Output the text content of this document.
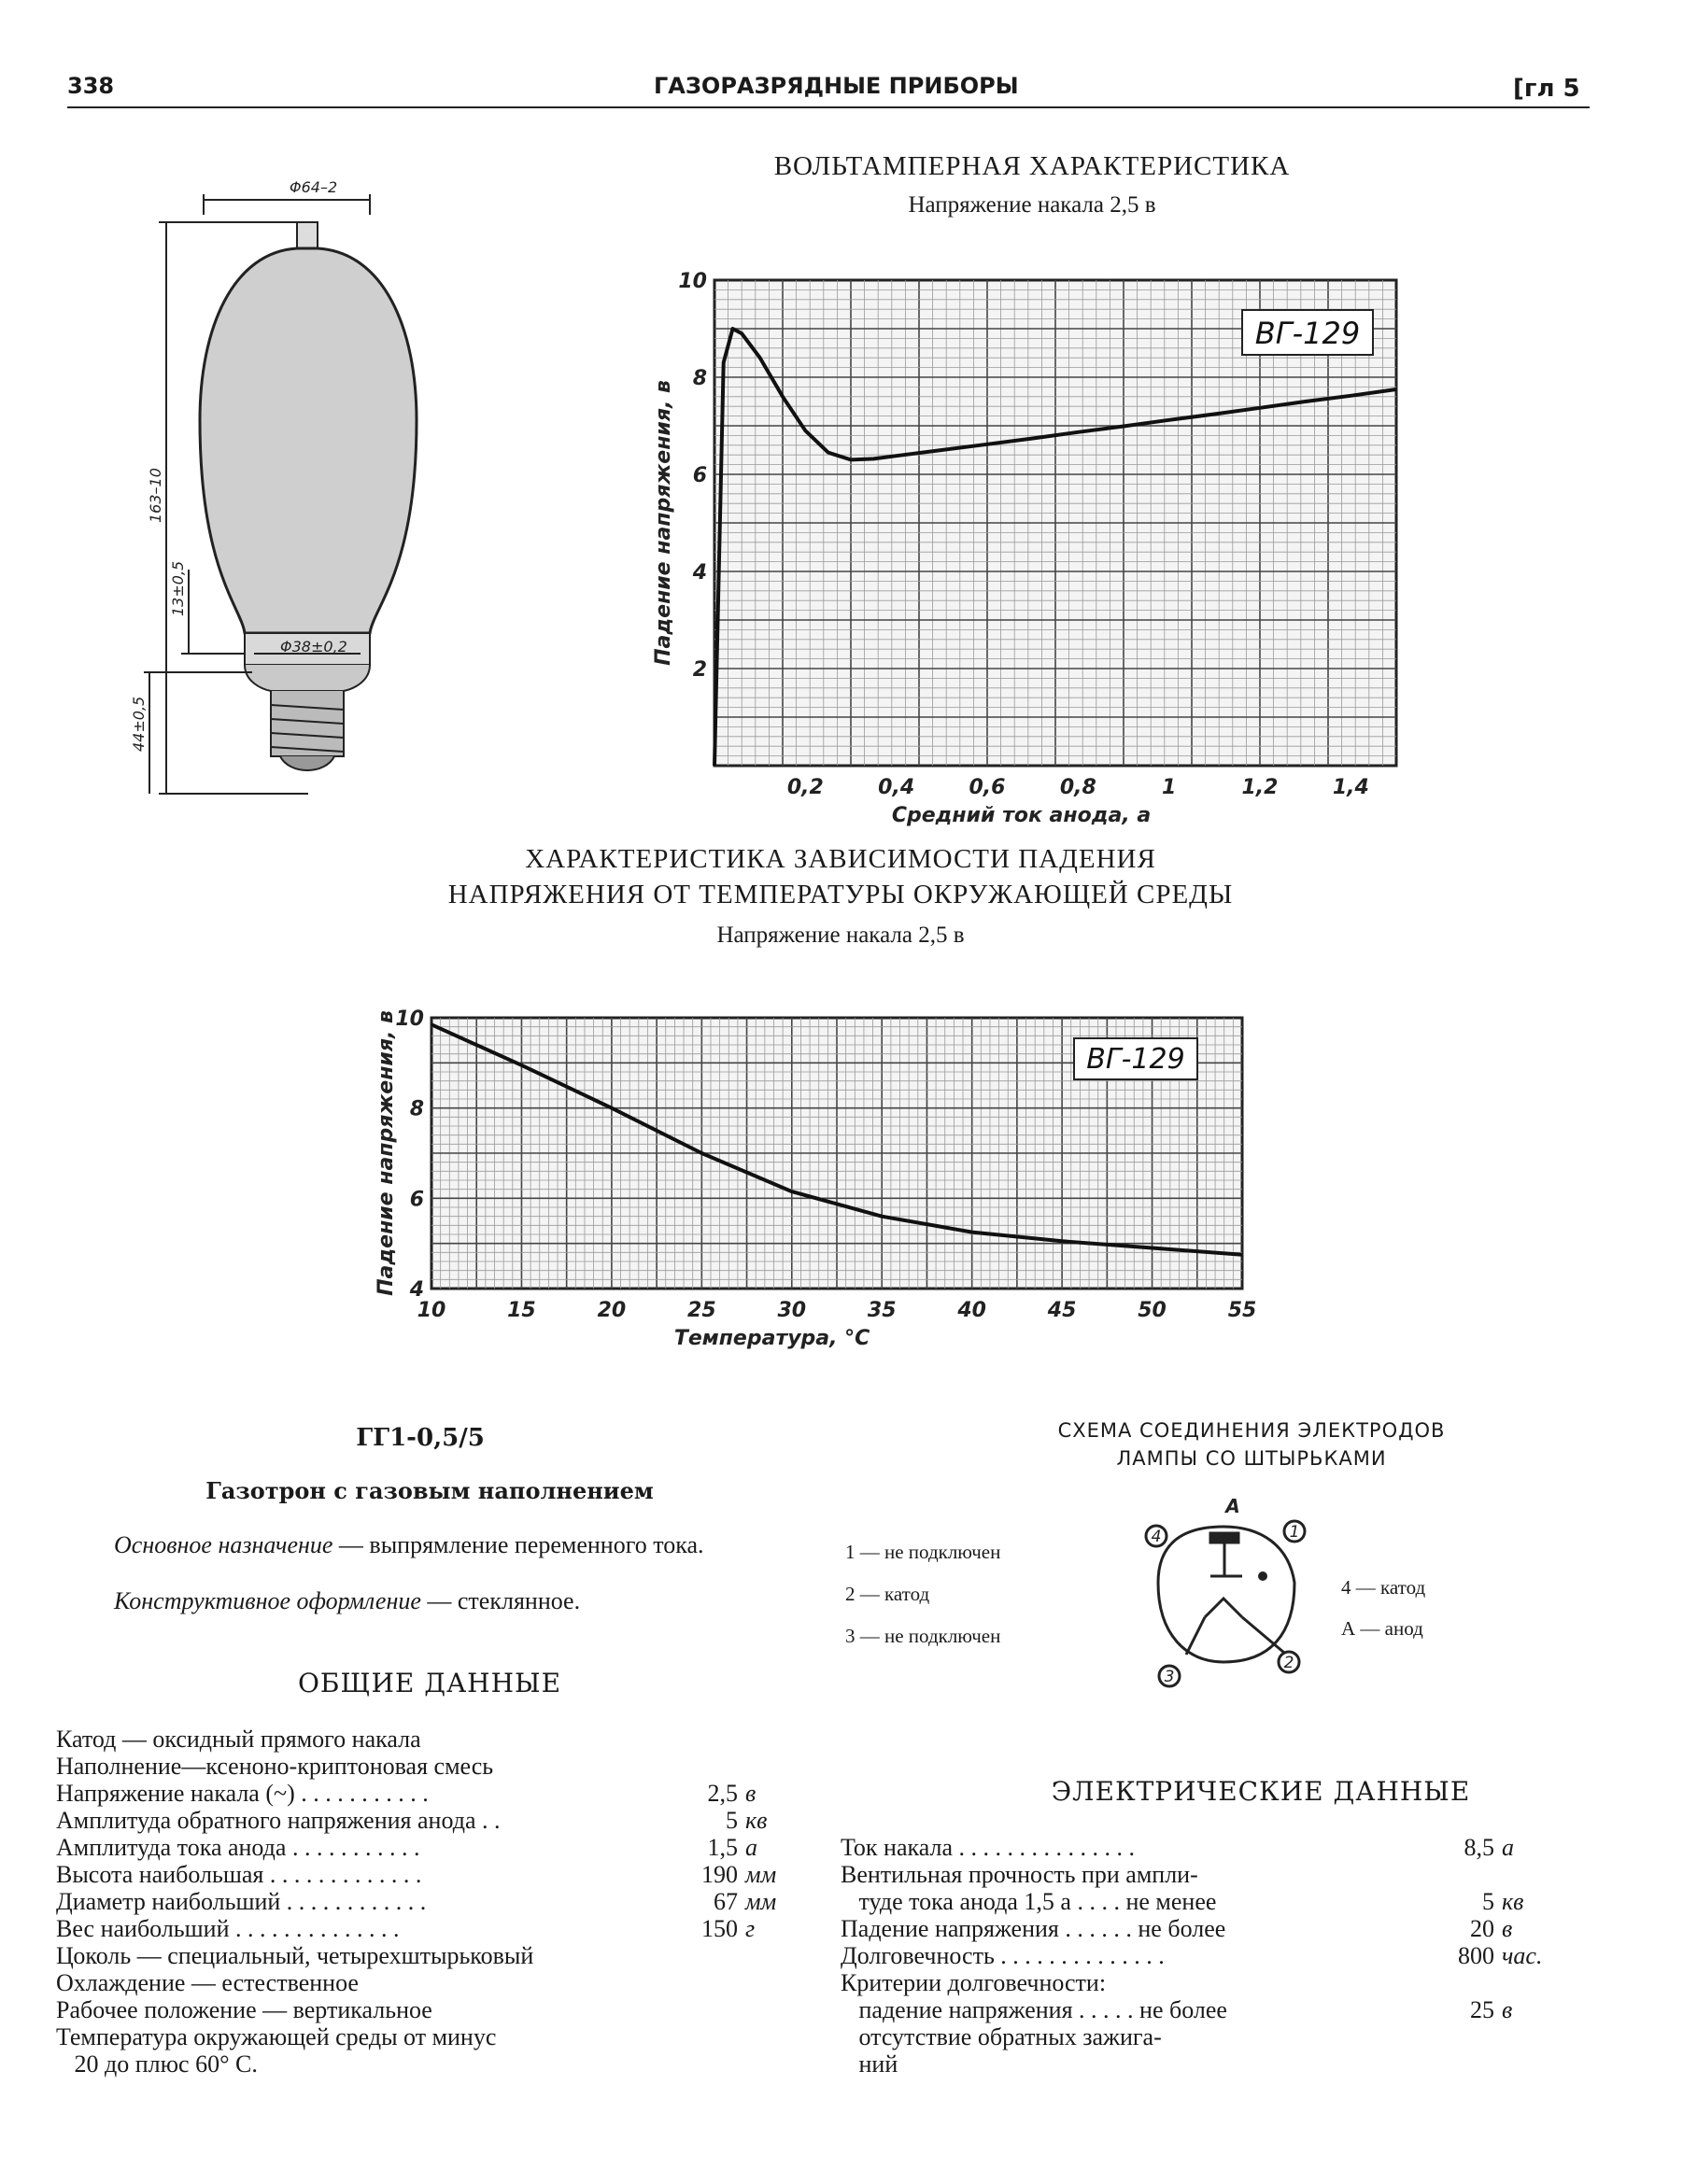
338	ГАЗОРАЗРЯДНЫЕ ПРИБОРЫ	[гл 5
Φ64–2
163–10
Φ38±0,2
13±0,5
44±0,5
ВОЛЬТАМПЕРНАЯ ХАРАКТЕРИСТИКА
Напряжение накала 2,5 в
0,2	0,4	0,6	0,8	1	1,2	1,4
2
4
6
8
10
Средний ток анода, а
Падение напряжения, в
ВГ-129
ХАРАКТЕРИСТИКА ЗАВИСИМОСТИ ПАДЕНИЯ
НАПРЯЖЕНИЯ ОТ ТЕМПЕРАТУРЫ ОКРУЖАЮЩЕЙ СРЕДЫ
Напряжение накала 2,5 в
10	15	20	25	30	35	40	45	50	55
4
6
8
10
Температура, °С
Падение напряжения, в	ВГ-129
ГГ1-0,5/5
Газотрон с газовым наполнением
Основное назначение — выпрямление переменного тока.
Конструктивное оформление — стеклянное.
ОБЩИЕ ДАННЫЕ
Катод — оксидный прямого накала
Наполнение—ксеноно-криптоновая смесь
Напряжение накала (~) . . . . . . . . . . .	2,5 в
Амплитуда обратного напряжения анода . .	5 кв
Амплитуда тока анода . . . . . . . . . . .	1,5 а
Высота наибольшая . . . . . . . . . . . . .	190 мм
Диаметр наибольший . . . . . . . . . . . .	67 мм
Вес наибольший . . . . . . . . . . . . . .	150 г
Цоколь — специальный, четырехштырьковый
Охлаждение — естественное
Рабочее положение — вертикальное
Температура окружающей среды от минус
20 до плюс 60° С.
СХЕМА СОЕДИНЕНИЯ ЭЛЕКТРОДОВ
ЛАМПЫ СО ШТЫРЬКАМИ
1 — не подключен
2 — катод
3 — не подключен
4 — катод
А — анод
А
1
2
3
4
ЭЛЕКТРИЧЕСКИЕ ДАННЫЕ
Ток накала . . . . . . . . . . . . . . .	8,5 а
Вентильная прочность при ампли-
туде тока анода 1,5 а . . . . не менее	5 кв
Падение напряжения . . . . . . не более	20 в
Долговечность . . . . . . . . . . . . . .	800 час.
Критерии долговечности:
падение напряжения . . . . . не более	25 в
отсутствие обратных зажига-
ний
